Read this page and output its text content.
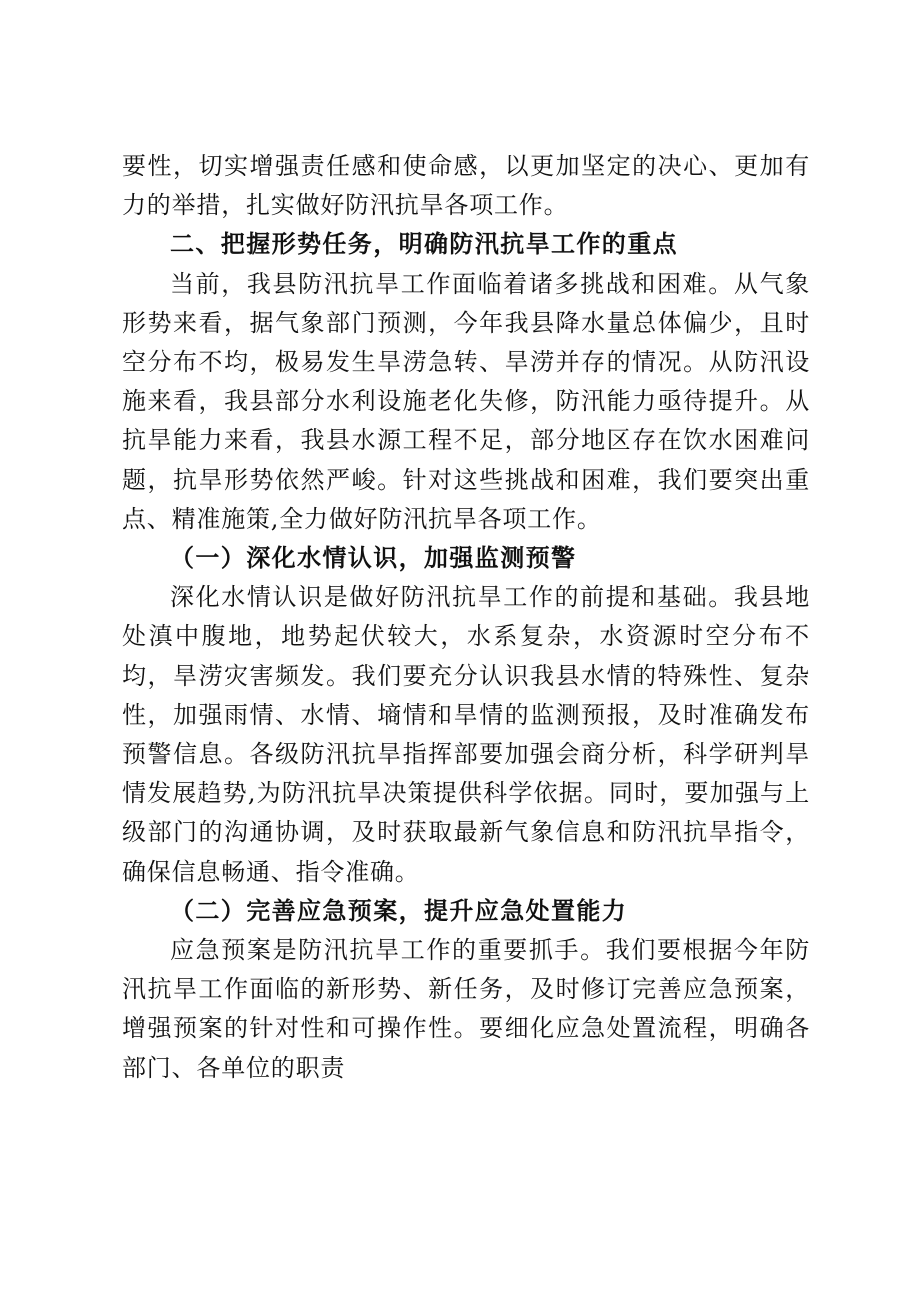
要性，切实增强责任感和使命感，以更加坚定的决心、更加有力的举措，扎实做好防汛抗旱各项工作。

二、把握形势任务，明确防汛抗旱工作的重点

当前，我县防汛抗旱工作面临着诸多挑战和困难。从气象形势来看，据气象部门预测，今年我县降水量总体偏少，且时空分布不均，极易发生旱涝急转、旱涝并存的情况。从防汛设施来看，我县部分水利设施老化失修，防汛能力亟待提升。从抗旱能力来看，我县水源工程不足，部分地区存在饮水困难问题，抗旱形势依然严峻。针对这些挑战和困难，我们要突出重点、精准施策,全力做好防汛抗旱各项工作。

（一）深化水情认识，加强监测预警

深化水情认识是做好防汛抗旱工作的前提和基础。我县地处滇中腹地，地势起伏较大，水系复杂，水资源时空分布不均，旱涝灾害频发。我们要充分认识我县水情的特殊性、复杂性，加强雨情、水情、墒情和旱情的监测预报，及时准确发布预警信息。各级防汛抗旱指挥部要加强会商分析，科学研判旱情发展趋势,为防汛抗旱决策提供科学依据。同时，要加强与上级部门的沟通协调，及时获取最新气象信息和防汛抗旱指令，确保信息畅通、指令准确。

（二）完善应急预案，提升应急处置能力

应急预案是防汛抗旱工作的重要抓手。我们要根据今年防汛抗旱工作面临的新形势、新任务，及时修订完善应急预案，增强预案的针对性和可操作性。要细化应急处置流程，明确各部门、各单位的职责
